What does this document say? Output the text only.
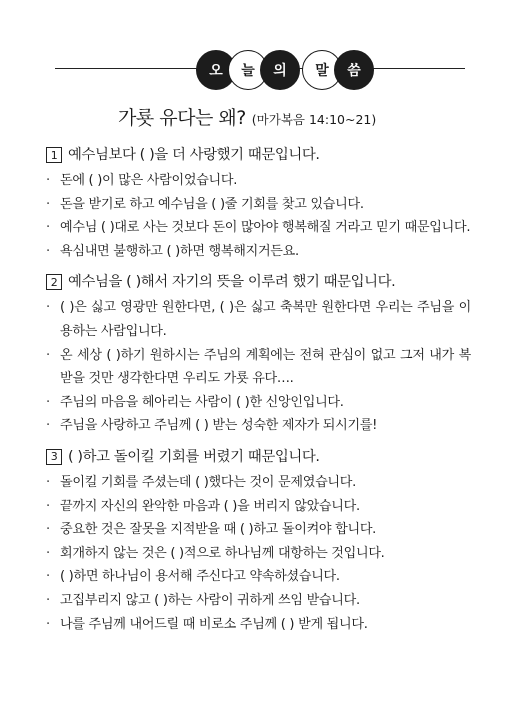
오	늘	의	말	씀
가룟 유다는 왜? (마가복음 14:10~21)
1 예수님보다 ( )을 더 사랑했기 때문입니다.
· 돈에 ( )이 많은 사람이었습니다.
· 돈을 받기로 하고 예수님을 ( )줄 기회를 찾고 있습니다.
· 예수님 ( )대로 사는 것보다 돈이 많아야 행복해질 거라고 믿기 때문입니다.
· 욕심내면 불행하고 ( )하면 행복해지거든요.
2 예수님을 ( )해서 자기의 뜻을 이루려 했기 때문입니다.
· ( )은 싫고 영광만 원한다면, ( )은 싫고 축복만 원한다면 우리는 주님을 이용하는 사람입니다.
· 온 세상 ( )하기 원하시는 주님의 계획에는 전혀 관심이 없고 그저 내가 복 받을 것만 생각한다면 우리도 가룟 유다….
· 주님의 마음을 헤아리는 사람이 ( )한 신앙인입니다.
· 주님을 사랑하고 주님께 ( ) 받는 성숙한 제자가 되시기를!
3 ( )하고 돌이킬 기회를 버렸기 때문입니다.
· 돌이킬 기회를 주셨는데 ( )했다는 것이 문제였습니다.
· 끝까지 자신의 완악한 마음과 ( )을 버리지 않았습니다.
· 중요한 것은 잘못을 지적받을 때 ( )하고 돌이켜야 합니다.
· 회개하지 않는 것은 ( )적으로 하나님께 대항하는 것입니다.
· ( )하면 하나님이 용서해 주신다고 약속하셨습니다.
· 고집부리지 않고 ( )하는 사람이 귀하게 쓰임 받습니다.
· 나를 주님께 내어드릴 때 비로소 주님께 ( ) 받게 됩니다.
